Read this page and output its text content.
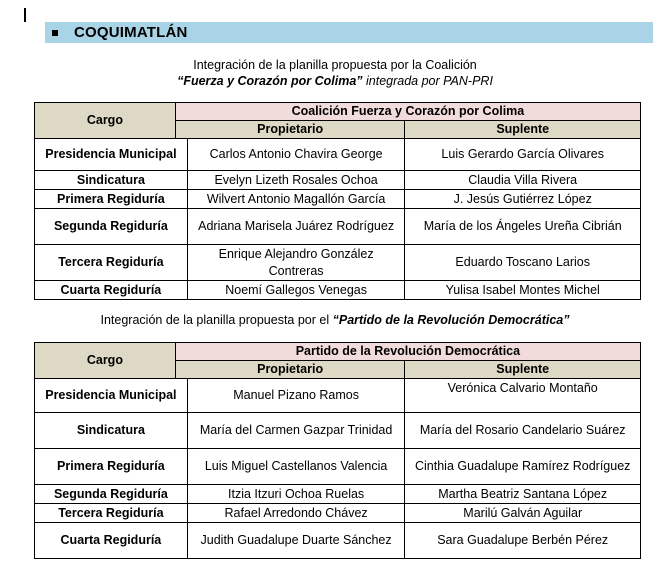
COQUIMATLÁN
Integración de la planilla propuesta por la Coalición
“Fuerza y Corazón por Colima” integrada por PAN-PRI
Cargo	Coalición Fuerza y Corazón por Colima		
	Propietario		Suplente
Presidencia Municipal		Carlos Antonio Chavira George	Luis Gerardo García Olivares
Sindicatura		Evelyn Lizeth Rosales Ochoa	Claudia Villa Rivera
Primera Regiduría		Wilvert Antonio Magallón García	J. Jesús Gutiérrez López
Segunda Regiduría		Adriana Marisela Juárez Rodríguez	María de los Ángeles Ureña Cibrián
Tercera Regiduría		Enrique Alejandro González Contreras	Eduardo Toscano Larios
Cuarta Regiduría		Noemí Gallegos Venegas	Yulisa Isabel Montes Michel
Integración de la planilla propuesta por el “Partido de la Revolución Democrática”
Cargo	Partido de la Revolución Democrática		
	Propietario		Suplente
Presidencia Municipal		Manuel Pizano Ramos	Verónica Calvario Montaño
Sindicatura		María del Carmen Gazpar Trinidad	María del Rosario Candelario Suárez
Primera Regiduría		Luis Miguel Castellanos Valencia	Cinthia Guadalupe Ramírez Rodríguez
Segunda Regiduría		Itzia Itzuri Ochoa Ruelas	Martha Beatriz Santana López
Tercera Regiduría		Rafael Arredondo Chávez	Marilú Galván Aguilar
Cuarta Regiduría		Judith Guadalupe Duarte Sánchez	Sara Guadalupe Berbén Pérez
